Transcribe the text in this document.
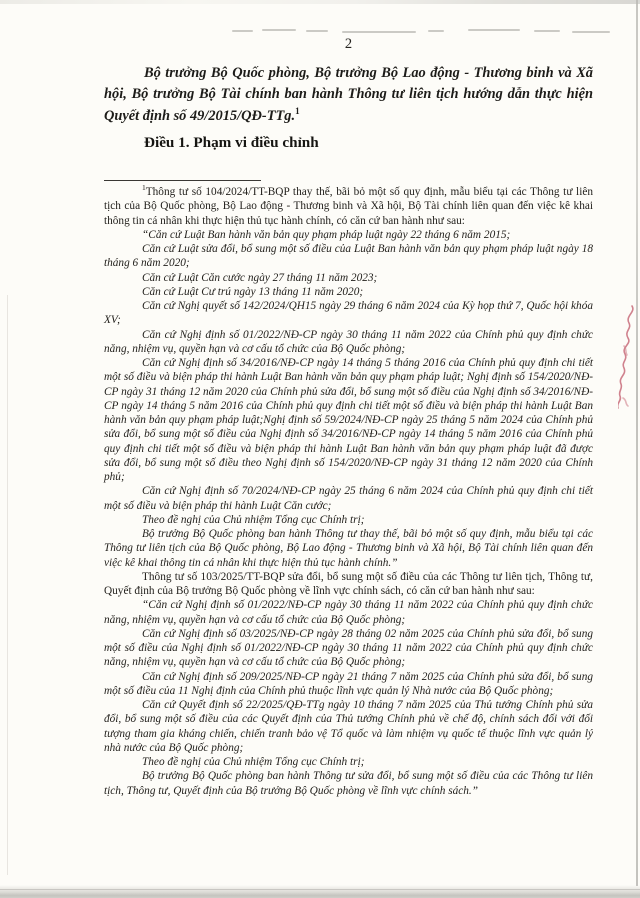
2

Bộ trưởng Bộ Quốc phòng, Bộ trưởng Bộ Lao động - Thương binh và Xã hội, Bộ trưởng Bộ Tài chính ban hành Thông tư liên tịch hướng dẫn thực hiện Quyết định số 49/2015/QĐ-TTg.$^1$

Điều 1. Phạm vi điều chỉnh

$^1$Thông tư số 104/2024/TT-BQP thay thế, bãi bỏ một số quy định, mẫu biểu tại các Thông tư liên tịch của Bộ Quốc phòng, Bộ Lao động - Thương binh và Xã hội, Bộ Tài chính liên quan đến việc kê khai thông tin cá nhân khi thực hiện thủ tục hành chính, có căn cứ ban hành như sau:

“Căn cứ Luật Ban hành văn bản quy phạm pháp luật ngày 22 tháng 6 năm 2015;

Căn cứ Luật sửa đổi, bổ sung một số điều của Luật Ban hành văn bản quy phạm pháp luật ngày 18 tháng 6 năm 2020;

Căn cứ Luật Căn cước ngày 27 tháng 11 năm 2023;

Căn cứ Luật Cư trú ngày 13 tháng 11 năm 2020;

Căn cứ Nghị quyết số 142/2024/QH15 ngày 29 tháng 6 năm 2024 của Kỳ họp thứ 7, Quốc hội khóa XV;

Căn cứ Nghị định số 01/2022/NĐ-CP ngày 30 tháng 11 năm 2022 của Chính phủ quy định chức năng, nhiệm vụ, quyền hạn và cơ cấu tổ chức của Bộ Quốc phòng;

Căn cứ Nghị định số 34/2016/NĐ-CP ngày 14 tháng 5 tháng 2016 của Chính phủ quy định chi tiết một số điều và biện pháp thi hành Luật Ban hành văn bản quy phạm pháp luật; Nghị định số 154/2020/NĐ- CP ngày 31 tháng 12 năm 2020 của Chính phủ sửa đổi, bổ sung một số điều của Nghị định số 34/2016/NĐ-CP ngày 14 tháng 5 năm 2016 của Chính phủ quy định chi tiết một số điều và biện pháp thi hành Luật Ban hành văn bản quy phạm pháp luật;Nghị định số 59/2024/NĐ-CP ngày 25 tháng 5 năm 2024 của Chính phủ sửa đổi, bổ sung một số điều của Nghị định số 34/2016/NĐ-CP ngày 14 tháng 5 năm 2016 của Chính phủ quy định chi tiết một số điều và biện pháp thi hành Luật Ban hành văn bản quy phạm pháp luật đã được sửa đổi, bổ sung một số điều theo Nghị định số 154/2020/NĐ-CP ngày 31 tháng 12 năm 2020 của Chính phủ;

Căn cứ Nghị định số 70/2024/NĐ-CP ngày 25 tháng 6 năm 2024 của Chính phủ quy định chi tiết một số điều và biện pháp thi hành Luật Căn cước;

Theo đề nghị của Chủ nhiệm Tổng cục Chính trị;

Bộ trưởng Bộ Quốc phòng ban hành Thông tư thay thế, bãi bỏ một số quy định, mẫu biểu tại các Thông tư liên tịch của Bộ Quốc phòng, Bộ Lao động - Thương binh và Xã hội, Bộ Tài chính liên quan đến việc kê khai thông tin cá nhân khi thực hiện thủ tục hành chính.”

Thông tư số 103/2025/TT-BQP sửa đổi, bổ sung một số điều của các Thông tư liên tịch, Thông tư, Quyết định của Bộ trưởng Bộ Quốc phòng về lĩnh vực chính sách, có căn cứ ban hành như sau:

“Căn cứ Nghị định số 01/2022/NĐ-CP ngày 30 tháng 11 năm 2022 của Chính phủ quy định chức năng, nhiệm vụ, quyền hạn và cơ cấu tổ chức của Bộ Quốc phòng;

Căn cứ Nghị định số 03/2025/NĐ-CP ngày 28 tháng 02 năm 2025 của Chính phủ sửa đổi, bổ sung một số điều của Nghị định số 01/2022/NĐ-CP ngày 30 tháng 11 năm 2022 của Chính phủ quy định chức năng, nhiệm vụ, quyền hạn và cơ cấu tổ chức của Bộ Quốc phòng;

Căn cứ Nghị định số 209/2025/NĐ-CP ngày 21 tháng 7 năm 2025 của Chính phủ sửa đổi, bổ sung một số điều của 11 Nghị định của Chính phủ thuộc lĩnh vực quản lý Nhà nước của Bộ Quốc phòng;

Căn cứ Quyết định số 22/2025/QĐ-TTg ngày 10 tháng 7 năm 2025 của Thủ tướng Chính phủ sửa đổi, bổ sung một số điều của các Quyết định của Thủ tướng Chính phủ về chế độ, chính sách đối với đối tượng tham gia kháng chiến, chiến tranh bảo vệ Tổ quốc và làm nhiệm vụ quốc tế thuộc lĩnh vực quản lý nhà nước của Bộ Quốc phòng;

Theo đề nghị của Chủ nhiệm Tổng cục Chính trị;

Bộ trưởng Bộ Quốc phòng ban hành Thông tư sửa đổi, bổ sung một số điều của các Thông tư liên tịch, Thông tư, Quyết định của Bộ trưởng Bộ Quốc phòng về lĩnh vực chính sách.”
